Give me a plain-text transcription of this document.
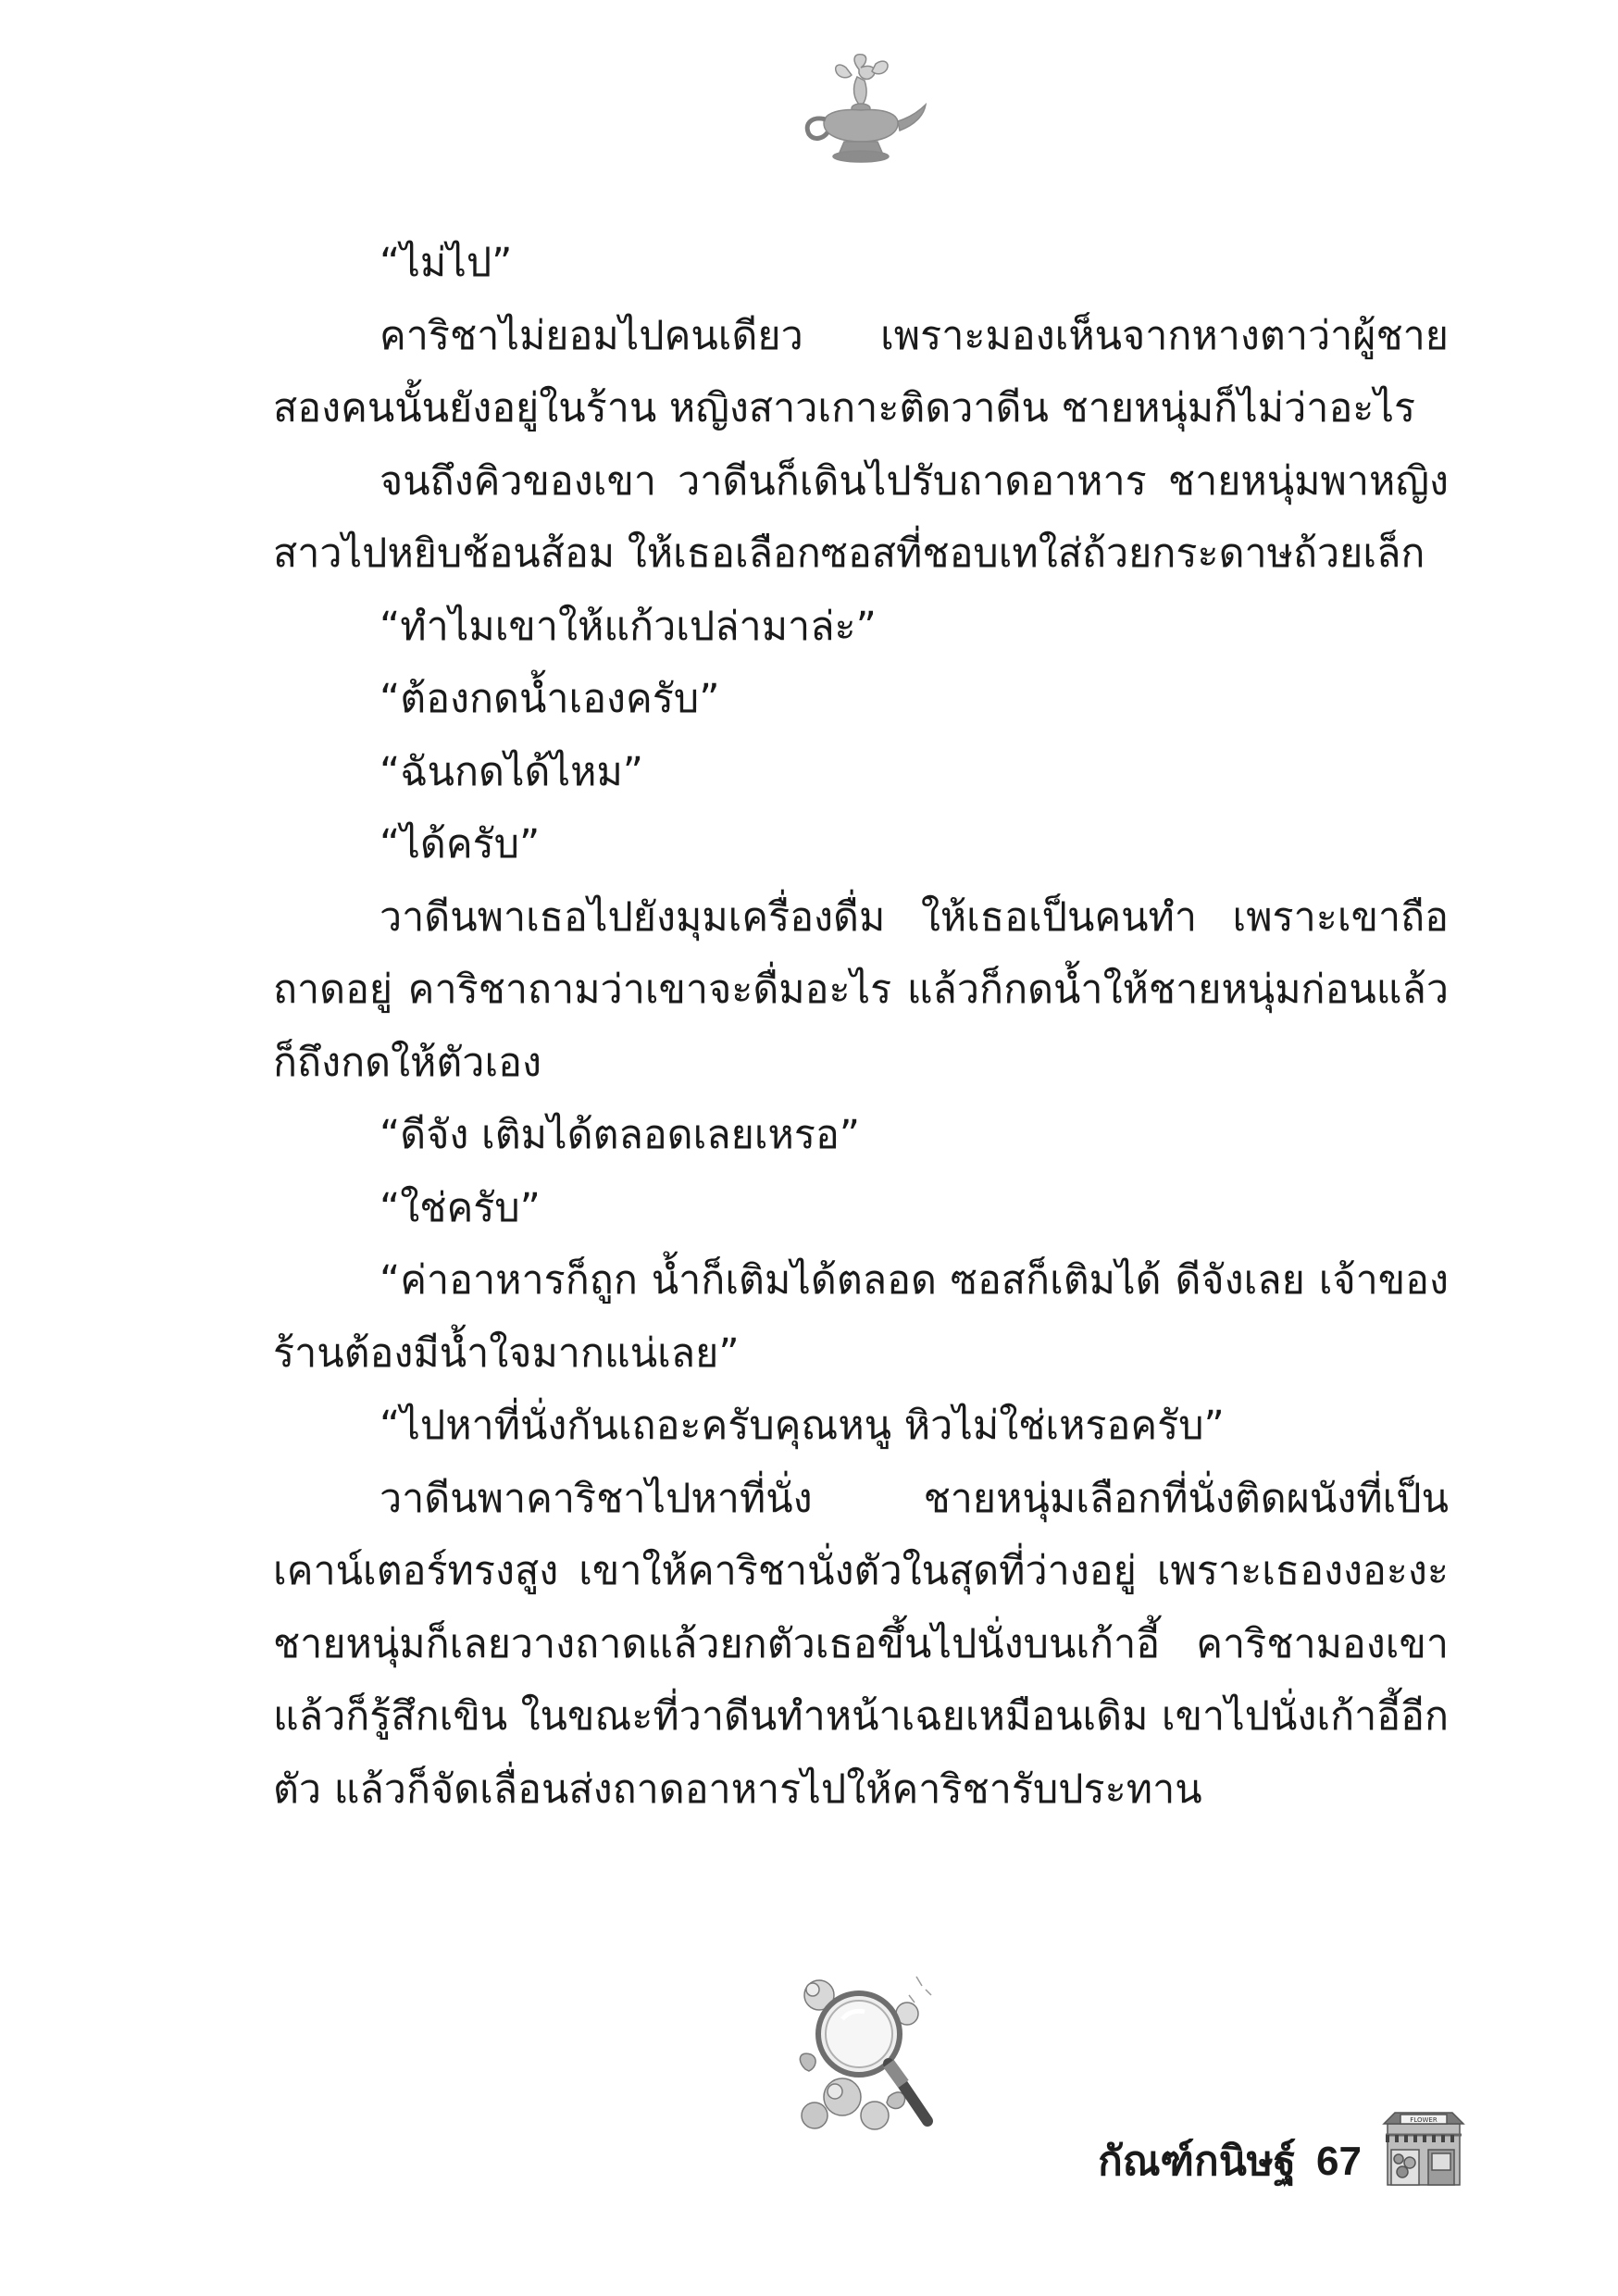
“ไม่ไป”

คาริชาไม่ยอมไปคนเดียว เพราะมองเห็นจากหางตาว่าผู้ชายสองคนนั้นยังอยู่ในร้าน หญิงสาวเกาะติดวาดีน ชายหนุ่มก็ไม่ว่าอะไร

จนถึงคิวของเขา วาดีนก็เดินไปรับถาดอาหาร ชายหนุ่มพาหญิงสาวไปหยิบช้อนส้อม ให้เธอเลือกซอสที่ชอบเทใส่ถ้วยกระดาษถ้วยเล็ก

“ทำไมเขาให้แก้วเปล่ามาล่ะ”

“ต้องกดน้ำเองครับ”

“ฉันกดได้ไหม”

“ได้ครับ”

วาดีนพาเธอไปยังมุมเครื่องดื่ม ให้เธอเป็นคนทำ เพราะเขาถือถาดอยู่ คาริชาถามว่าเขาจะดื่มอะไร แล้วก็กดน้ำให้ชายหนุ่มก่อนแล้วก็ถึงกดให้ตัวเอง

“ดีจัง เติมได้ตลอดเลยเหรอ”

“ใช่ครับ”

“ค่าอาหารก็ถูก น้ำก็เติมได้ตลอด ซอสก็เติมได้ ดีจังเลย เจ้าของร้านต้องมีน้ำใจมากแน่เลย”

“ไปหาที่นั่งกันเถอะครับคุณหนู หิวไม่ใช่เหรอครับ”

วาดีนพาคาริชาไปหาที่นั่ง ชายหนุ่มเลือกที่นั่งติดผนังที่เป็นเคาน์เตอร์ทรงสูง เขาให้คาริชานั่งตัวในสุดที่ว่างอยู่ เพราะเธองงอะงะ ชายหนุ่มก็เลยวางถาดแล้วยกตัวเธอขึ้นไปนั่งบนเก้าอี้ คาริชามองเขาแล้วก็รู้สึกเขิน ในขณะที่วาดีนทำหน้าเฉยเหมือนเดิม เขาไปนั่งเก้าอี้อีกตัว แล้วก็จัดเลื่อนส่งถาดอาหารไปให้คาริชารับประทาน

กัณฑ์กนิษฐ์ 67
FLOWER
